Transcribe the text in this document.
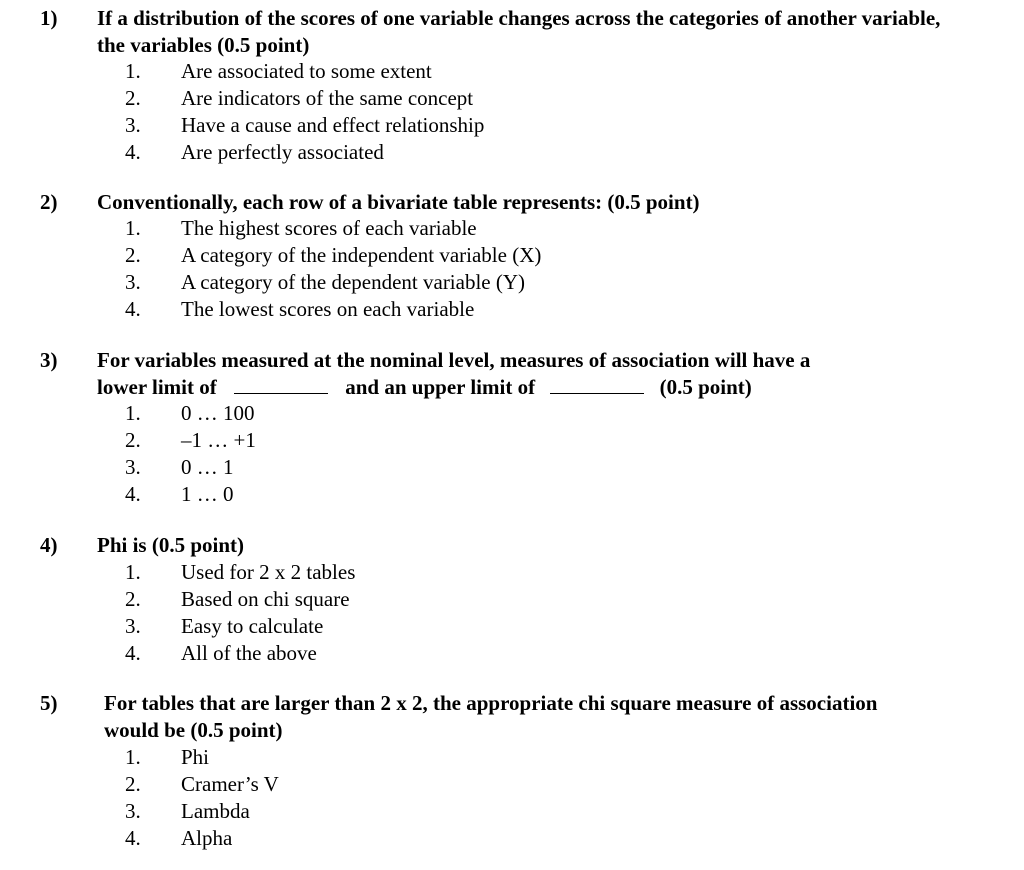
1) If a distribution of the scores of one variable changes across the categories of another variable, the variables (0.5 point)
1.	Are associated to some extent
2.	Are indicators of the same concept
3.	Have a cause and effect relationship
4.	Are perfectly associated
2) Conventionally, each row of a bivariate table represents: (0.5 point)
1.	The highest scores of each variable
2.	A category of the independent variable (X)
3.	A category of the dependent variable (Y)
4.	The lowest scores on each variable
3) For variables measured at the nominal level, measures of association will have a
lower limit of	and an upper limit of	(0.5 point)
1.	0 … 100
2.	–1 … +1
3.	0 … 1
4.	1 … 0
4) Phi is (0.5 point)
1.	Used for 2 x 2 tables
2.	Based on chi square
3.	Easy to calculate
4.	All of the above
5) For tables that are larger than 2 x 2, the appropriate chi square measure of association would be (0.5 point)
1.	Phi
2.	Cramer’s V
3.	Lambda
4.	Alpha
